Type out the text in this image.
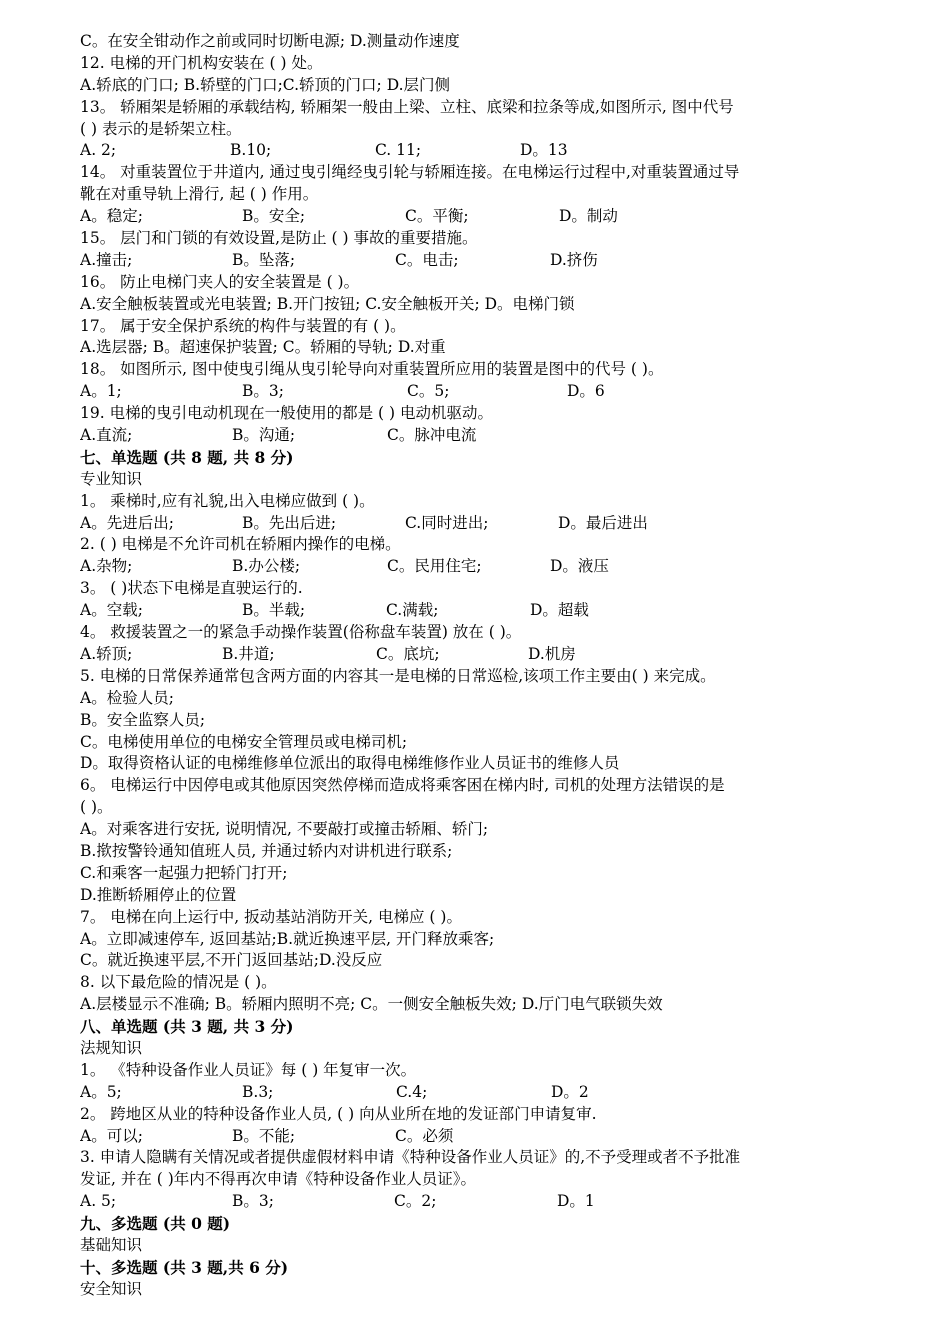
C。在安全钳动作之前或同时切断电源; D.测量动作速度
12. 电梯的开门机构安装在 ( ) 处。
A.轿底的门口; B.轿壁的门口;C.轿顶的门口; D.层门侧
13。 轿厢架是轿厢的承载结构, 轿厢架一般由上梁、立柱、底梁和拉条等成,如图所示, 图中代号
( ) 表示的是轿架立柱。
A. 2;	B.10;	C. 11;	D。13
14。 对重装置位于井道内, 通过曳引绳经曳引轮与轿厢连接。在电梯运行过程中,对重装置通过导
靴在对重导轨上滑行, 起 ( ) 作用。
A。稳定;	B。安全;	C。平衡;	D。制动
15。 层门和门锁的有效设置,是防止 ( ) 事故的重要措施。
A.撞击;	B。坠落;	C。电击;	D.挤伤
16。 防止电梯门夹人的安全装置是 ( )。
A.安全触板装置或光电装置; B.开门按钮; C.安全触板开关; D。电梯门锁
17。 属于安全保护系统的构件与装置的有 ( )。
A.选层器; B。超速保护装置; C。轿厢的导轨; D.对重
18。 如图所示, 图中使曳引绳从曳引轮导向对重装置所应用的装置是图中的代号 ( )。
A。1;	B。3;	C。5;	D。6
19. 电梯的曳引电动机现在一般使用的都是 ( ) 电动机驱动。
A.直流;	B。沟通;	C。脉冲电流
七、单选题 (共 8 题, 共 8 分)
专业知识
1。 乘梯时,应有礼貌,出入电梯应做到 ( )。
A。先进后出;	B。先出后进;	C.同时进出;	D。最后进出
2. ( ) 电梯是不允许司机在轿厢内操作的电梯。
A.杂物;	B.办公楼;	C。民用住宅;	D。液压
3。 ( )状态下电梯是直驶运行的.
A。空载;	B。半载;	C.满载;	D。超载
4。 救援装置之一的紧急手动操作装置(俗称盘车装置) 放在 ( )。
A.轿顶;	B.井道;	C。底坑;	D.机房
5. 电梯的日常保养通常包含两方面的内容其一是电梯的日常巡检,该项工作主要由( ) 来完成。
A。检验人员;
B。安全监察人员;
C。电梯使用单位的电梯安全管理员或电梯司机;
D。取得资格认证的电梯维修单位派出的取得电梯维修作业人员证书的维修人员
6。 电梯运行中因停电或其他原因突然停梯而造成将乘客困在梯内时, 司机的处理方法错误的是
( )。
A。对乘客进行安抚, 说明情况, 不要敲打或撞击轿厢、轿门;
B.揿按警铃通知值班人员, 并通过轿内对讲机进行联系;
C.和乘客一起强力把轿门打开;
D.推断轿厢停止的位置
7。 电梯在向上运行中, 扳动基站消防开关, 电梯应 ( )。
A。立即减速停车, 返回基站;B.就近换速平层, 开门释放乘客;
C。就近换速平层,不开门返回基站;D.没反应
8. 以下最危险的情况是 ( )。
A.层楼显示不准确; B。轿厢内照明不亮; C。一侧安全触板失效; D.厅门电气联锁失效
八、单选题 (共 3 题, 共 3 分)
法规知识
1。 《特种设备作业人员证》每 ( ) 年复审一次。
A。5;	B.3;	C.4;	D。2
2。 跨地区从业的特种设备作业人员, ( ) 向从业所在地的发证部门申请复审.
A。可以;	B。不能;	C。必须
3. 申请人隐瞒有关情况或者提供虚假材料申请《特种设备作业人员证》的,不予受理或者不予批准
发证, 并在 ( )年内不得再次申请《特种设备作业人员证》。
A. 5;	B。3;	C。2;	D。1
九、多选题 (共 0 题)
基础知识
十、多选题 (共 3 题,共 6 分)
安全知识
